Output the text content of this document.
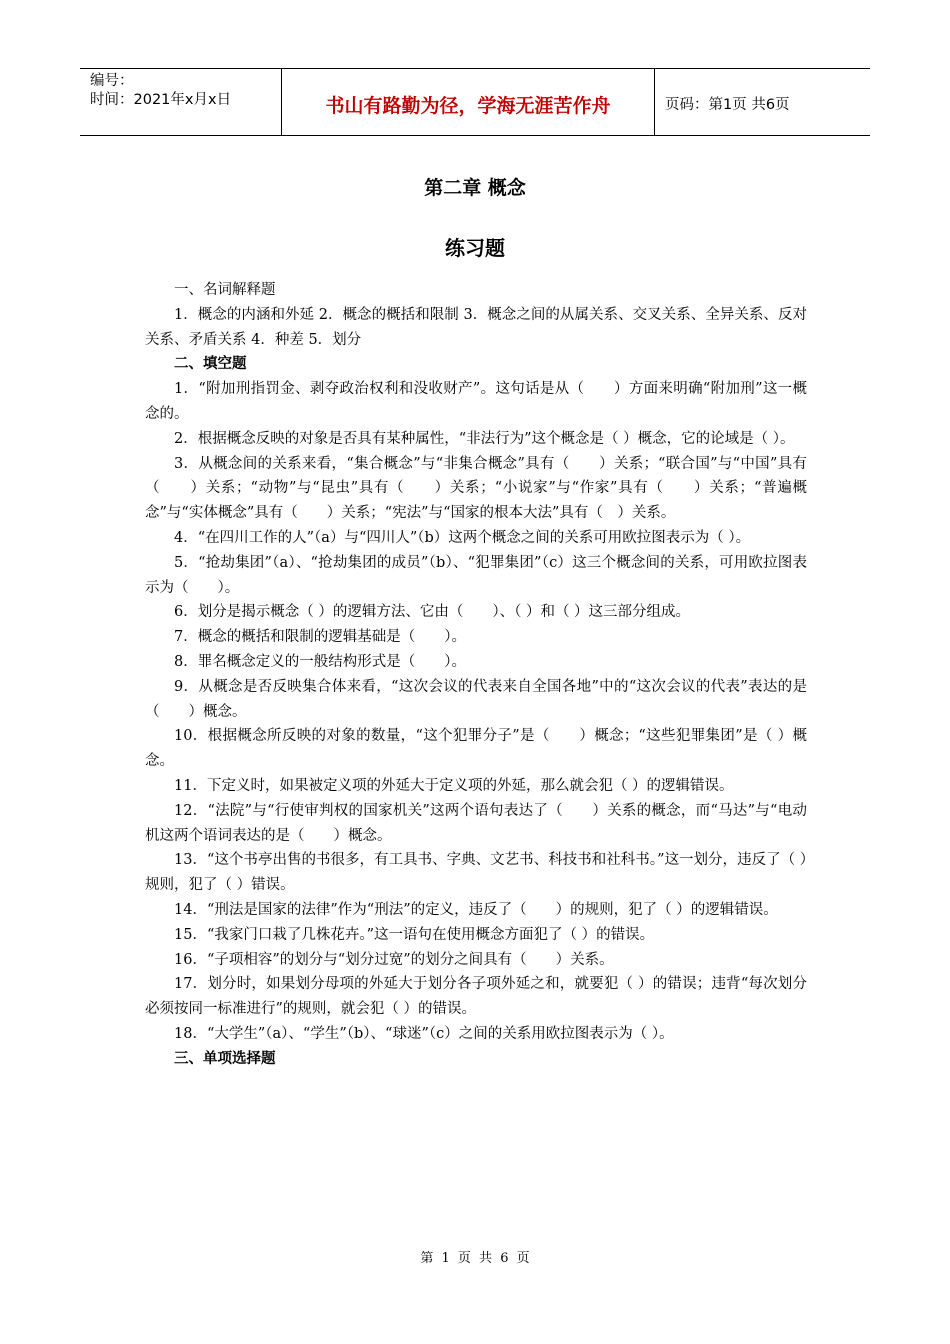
编号：
时间：2021年x月x日	书山有路勤为径，学海无涯苦作舟	页码：第1页 共6页
第二章 概念
练习题

一、名词解释题

1．概念的内涵和外延 2．概念的概括和限制 3．概念之间的从属关系、交叉关系、全异关系、反对关系、矛盾关系 4．种差 5．划分

二、填空题

1．“附加刑指罚金、剥夺政治权利和没收财产”。这句话是从（　　）方面来明确“附加刑”这一概念的。

2．根据概念反映的对象是否具有某种属性，“非法行为”这个概念是（ ）概念，它的论域是（ ）。

3．从概念间的关系来看，“集合概念”与“非集合概念”具有（　　）关系；“联合国”与“中国”具有（　　）关系；“动物”与“昆虫”具有（　　）关系；“小说家”与“作家”具有（　　）关系；“普遍概念”与“实体概念”具有（　　）关系；“宪法”与“国家的根本大法”具有（　）关系。

4．“在四川工作的人”（a）与“四川人”（b）这两个概念之间的关系可用欧拉图表示为（ ）。

5．“抢劫集团”（a）、“抢劫集团的成员”（b）、“犯罪集团”（c）这三个概念间的关系，可用欧拉图表示为（　　）。

6．划分是揭示概念（ ）的逻辑方法、它由（　　）、（ ）和（ ）这三部分组成。

7．概念的概括和限制的逻辑基础是（　　）。

8．罪名概念定义的一般结构形式是（　　）。

9．从概念是否反映集合体来看，“这次会议的代表来自全国各地”中的“这次会议的代表”表达的是（　　）概念。

10．根据概念所反映的对象的数量，“这个犯罪分子”是（　　）概念；“这些犯罪集团”是（ ）概念。

11．下定义时，如果被定义项的外延大于定义项的外延，那么就会犯（ ）的逻辑错误。

12．“法院”与“行使审判权的国家机关”这两个语句表达了（　　）关系的概念，而“马达”与“电动机这两个语词表达的是（　　）概念。

13．“这个书亭出售的书很多，有工具书、字典、文艺书、科技书和社科书。”这一划分，违反了（ ）规则，犯了（ ）错误。

14．“刑法是国家的法律”作为“刑法”的定义，违反了（　　）的规则，犯了（ ）的逻辑错误。

15．“我家门口栽了几株花卉。”这一语句在使用概念方面犯了（ ）的错误。

16．“子项相容”的划分与“划分过宽”的划分之间具有（　　）关系。

17．划分时，如果划分母项的外延大于划分各子项外延之和，就要犯（ ）的错误；违背“每次划分必须按同一标准进行”的规则，就会犯（ ）的错误。

18．“大学生”（a）、“学生”（b）、“球迷”（c）之间的关系用欧拉图表示为（ ）。

三、单项选择题

第 1 页 共 6 页
